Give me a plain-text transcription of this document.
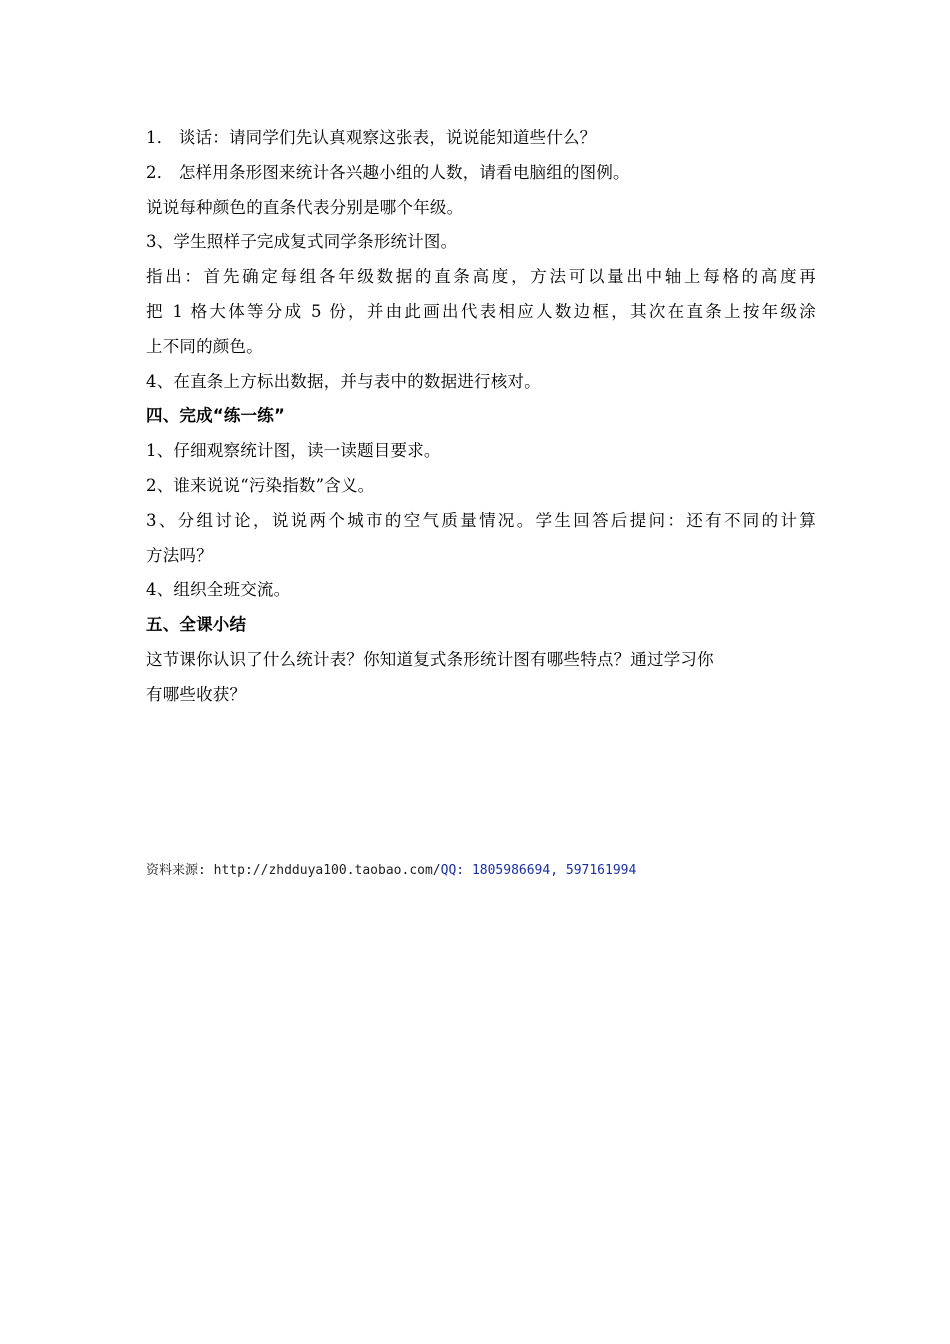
1． 谈话：请同学们先认真观察这张表，说说能知道些什么？
2． 怎样用条形图来统计各兴趣小组的人数，请看电脑组的图例。
说说每种颜色的直条代表分别是哪个年级。
3、学生照样子完成复式同学条形统计图。
指出：首先确定每组各年级数据的直条高度，方法可以量出中轴上每格的高度再
把 1 格大体等分成 5 份，并由此画出代表相应人数边框，其次在直条上按年级涂
上不同的颜色。
4、在直条上方标出数据，并与表中的数据进行核对。
四、完成“练一练”
1、仔细观察统计图，读一读题目要求。
2、谁来说说“污染指数”含义。
3、分组讨论，说说两个城市的空气质量情况。学生回答后提问：还有不同的计算
方法吗？
4、组织全班交流。
五、全课小结
这节课你认识了什么统计表？你知道复式条形统计图有哪些特点？通过学习你
有哪些收获？
资料来源: http://zhdduya100.taobao.com/QQ: 1805986694, 597161994
